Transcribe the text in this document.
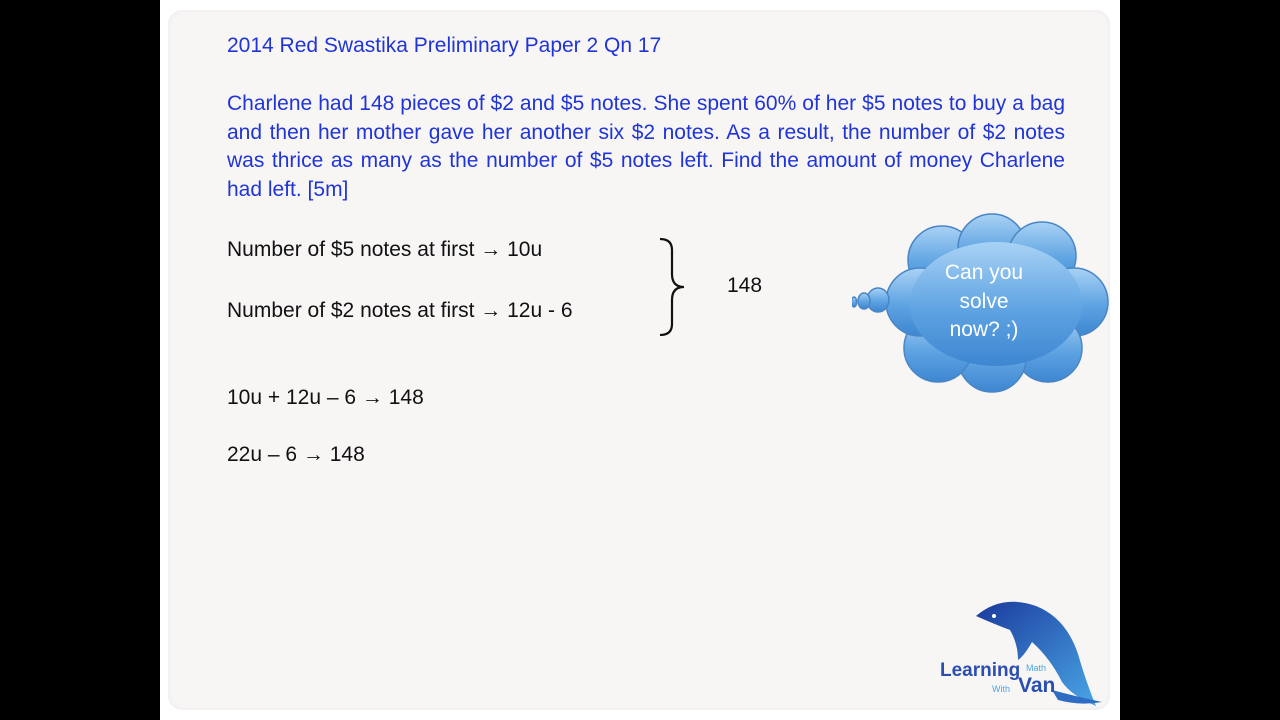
2014 Red Swastika Preliminary Paper 2 Qn 17
Charlene had 148 pieces of $2 and $5 notes. She spent 60% of her $5 notes to buy a bag and then her mother gave her another six $2 notes. As a result, the number of $2 notes was thrice as many as the number of $5 notes left. Find the amount of money Charlene had left. [5m]
Number of $5 notes at first → 10u
Number of $2 notes at first → 12u - 6
148
10u + 12u – 6 → 148
22u – 6 → 148
Can you
solve
now? ;)
Learning Math
With Van
